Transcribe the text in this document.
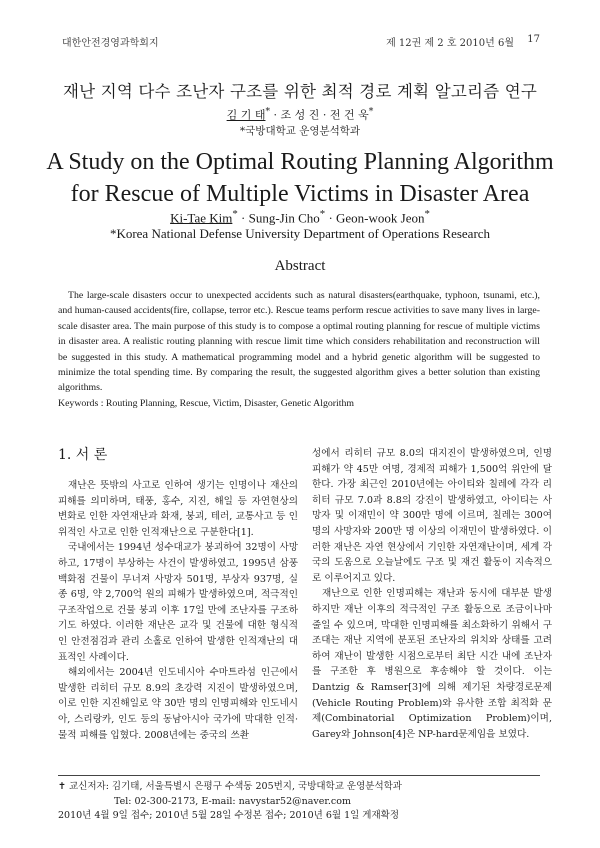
대한안전경영과학회지	제 12권 제 2 호 2010년 6월 17
재난 지역 다수 조난자 구조를 위한 최적 경로 계획 알고리즘 연구
김 기 태* · 조 성 진 · 전 건 욱*
*국방대학교 운영분석학과
A Study on the Optimal Routing Planning Algorithm
for Rescue of Multiple Victims in Disaster Area
Ki-Tae Kim* · Sung-Jin Cho* · Geon-wook Jeon*
*Korea National Defense University Department of Operations Research
Abstract

The large-scale disasters occur to unexpected accidents such as natural disasters(earthquake, typhoon, tsunami, etc.), and human-caused accidents(fire, collapse, terror etc.). Rescue teams perform rescue activities to save many lives in large-scale disaster area. The main purpose of this study is to compose a optimal routing planning for rescue of multiple victims in disaster area. A realistic routing planning with rescue limit time which considers rehabilitation and reconstruction will be suggested in this study. A mathematical programming model and a hybrid genetic algorithm will be suggested to minimize the total spending time. By comparing the result, the suggested algorithm gives a better solution than existing algorithms.

Keywords : Routing Planning, Rescue, Victim, Disaster, Genetic Algorithm
1. 서 론

재난은 뜻밖의 사고로 인하여 생기는 인명이나 재산의 피해를 의미하며, 태풍, 홍수, 지진, 해일 등 자연현상의 변화로 인한 자연재난과 화재, 붕괴, 테러, 교통사고 등 인위적인 사고로 인한 인적재난으로 구분한다[1].

국내에서는 1994년 성수대교가 붕괴하여 32명이 사망하고, 17명이 부상하는 사건이 발생하였고, 1995년 삼풍백화점 건물이 무너져 사망자 501명, 부상자 937명, 실종 6명, 약 2,700억 원의 피해가 발생하였으며, 적극적인 구조작업으로 건물 붕괴 이후 17일 만에 조난자를 구조하기도 하였다. 이러한 재난은 교각 및 건물에 대한 형식적인 안전점검과 관리 소홀로 인하여 발생한 인적재난의 대표적인 사례이다.

해외에서는 2004년 인도네시아 수마트라섬 인근에서 발생한 리히터 규모 8.9의 초강력 지진이 발생하였으며, 이로 인한 지진해일로 약 30만 명의 인명피해와 인도네시아, 스리랑카, 인도 등의 동남아시아 국가에 막대한 인적·물적 피해를 입혔다. 2008년에는 중국의 쓰촨

성에서 리히터 규모 8.0의 대지진이 발생하였으며, 인명피해가 약 45만 여명, 경제적 피해가 1,500억 위안에 달한다. 가장 최근인 2010년에는 아이티와 칠레에 각각 리히터 규모 7.0과 8.8의 강진이 발생하였고, 아이티는 사망자 및 이재민이 약 300만 명에 이르며, 칠레는 300여명의 사망자와 200만 명 이상의 이재민이 발생하였다. 이러한 재난은 자연 현상에서 기인한 자연재난이며, 세계 각국의 도움으로 오늘날에도 구조 및 재건 활동이 지속적으로 이루어지고 있다.

재난으로 인한 인명피해는 재난과 동시에 대부분 발생하지만 재난 이후의 적극적인 구조 활동으로 조금이나마 줄일 수 있으며, 막대한 인명피해를 최소화하기 위해서 구조대는 재난 지역에 분포된 조난자의 위치와 상태를 고려하여 재난이 발생한 시점으로부터 최단 시간 내에 조난자를 구조한 후 병원으로 후송해야 할 것이다. 이는 Dantzig & Ramser[3]에 의해 제기된 차량경로문제(Vehicle Routing Problem)와 유사한 조합 최적화 문제(Combinatorial Optimization Problem)이며, Garey와 Johnson[4]은 NP-hard문제임을 보였다.

✝ 교신저자: 김기태, 서울특별시 은평구 수색동 205번지, 국방대학교 운영분석학과
Tel: 02-300-2173, E-mail: navystar52@naver.com
2010년 4월 9일 접수; 2010년 5월 28일 수정본 접수; 2010년 6월 1일 게재확정
